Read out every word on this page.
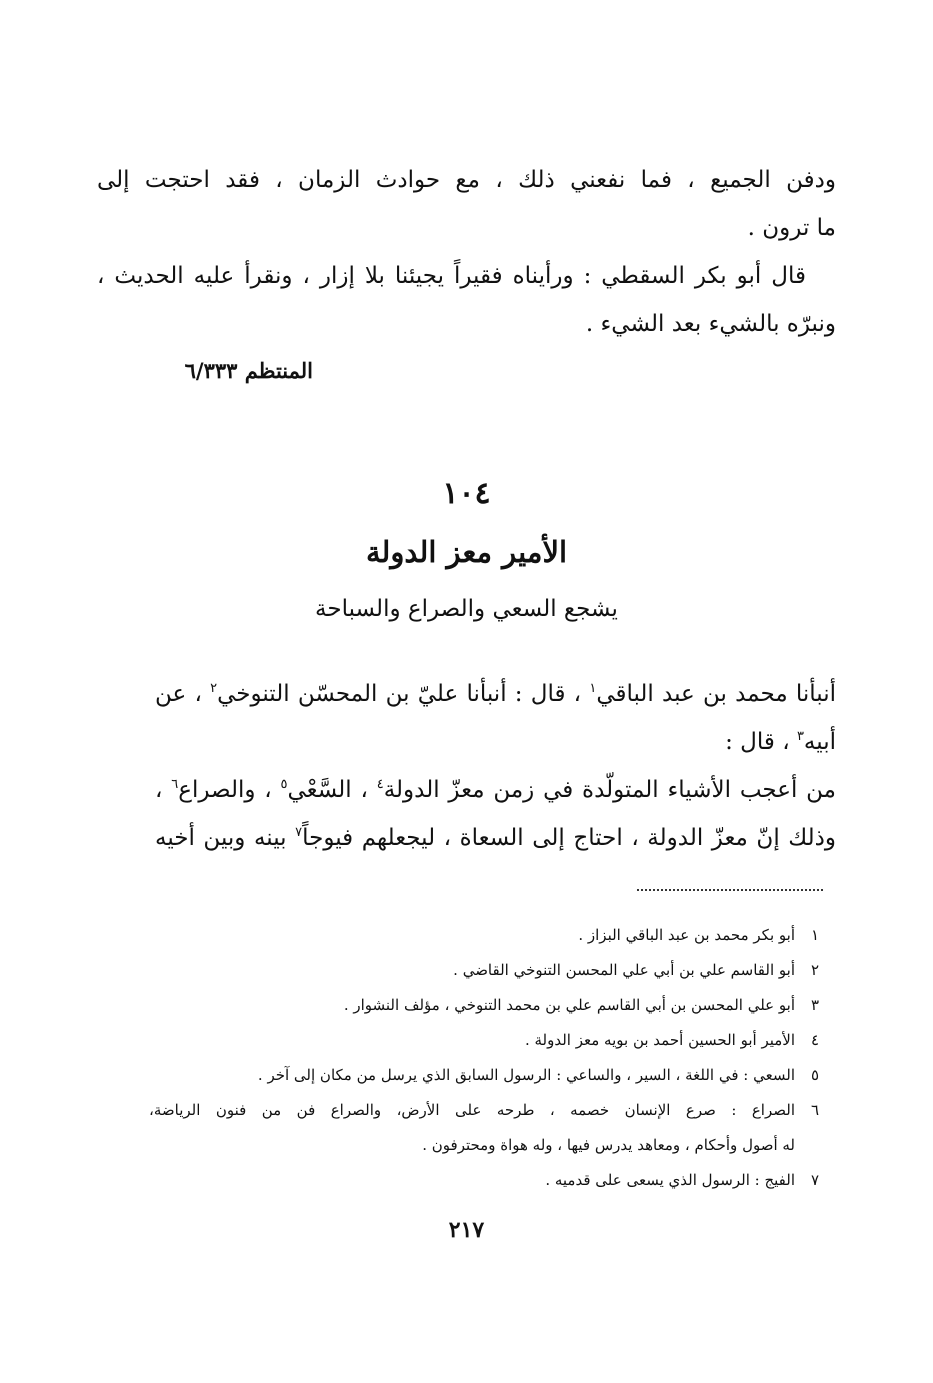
ودفن الجميع ، فما نفعني ذلك ، مع حوادث الزمان ، فقد احتجت إلى
ما ترون .
قال أبو بكر السقطي : ورأيناه فقيراً يجيئنا بلا إزار ، ونقرأ عليه الحديث ،
ونبرّه بالشيء بعد الشيء .
المنتظم ٦/٣٣٣
١٠٤
الأمير معز الدولة
يشجع السعي والصراع والسباحة
أنبأنا محمد بن عبد الباقي$^١$ ، قال : أنبأنا عليّ بن المحسّن التنوخي$^٢$ ، عن
أبيه$^٣$ ، قال :
من أعجب الأشياء المتولّدة في زمن معزّ الدولة$^٤$ ، السَّعْي$^٥$ ، والصراع$^٦$ ،
وذلك إنّ معزّ الدولة ، احتاج إلى السعاة ، ليجعلهم فيوجاً$^٧$ بينه وبين أخيه
١
أبو بكر محمد بن عبد الباقي البزاز .
٢
أبو القاسم علي بن أبي علي المحسن التنوخي القاضي .
٣
أبو علي المحسن بن أبي القاسم علي بن محمد التنوخي ، مؤلف النشوار .
٤
الأمير أبو الحسين أحمد بن بويه معز الدولة .
٥
السعي : في اللغة ، السير ، والساعي : الرسول السابق الذي يرسل من مكان إلى آخر .
٦
الصراع : صرع الإنسان خصمه ، طرحه على الأرض، والصراع فن من فنون الرياضة،
له أصول وأحكام ، ومعاهد يدرس فيها ، وله هواة ومحترفون .
٧
الفيج : الرسول الذي يسعى على قدميه .
٢١٧
